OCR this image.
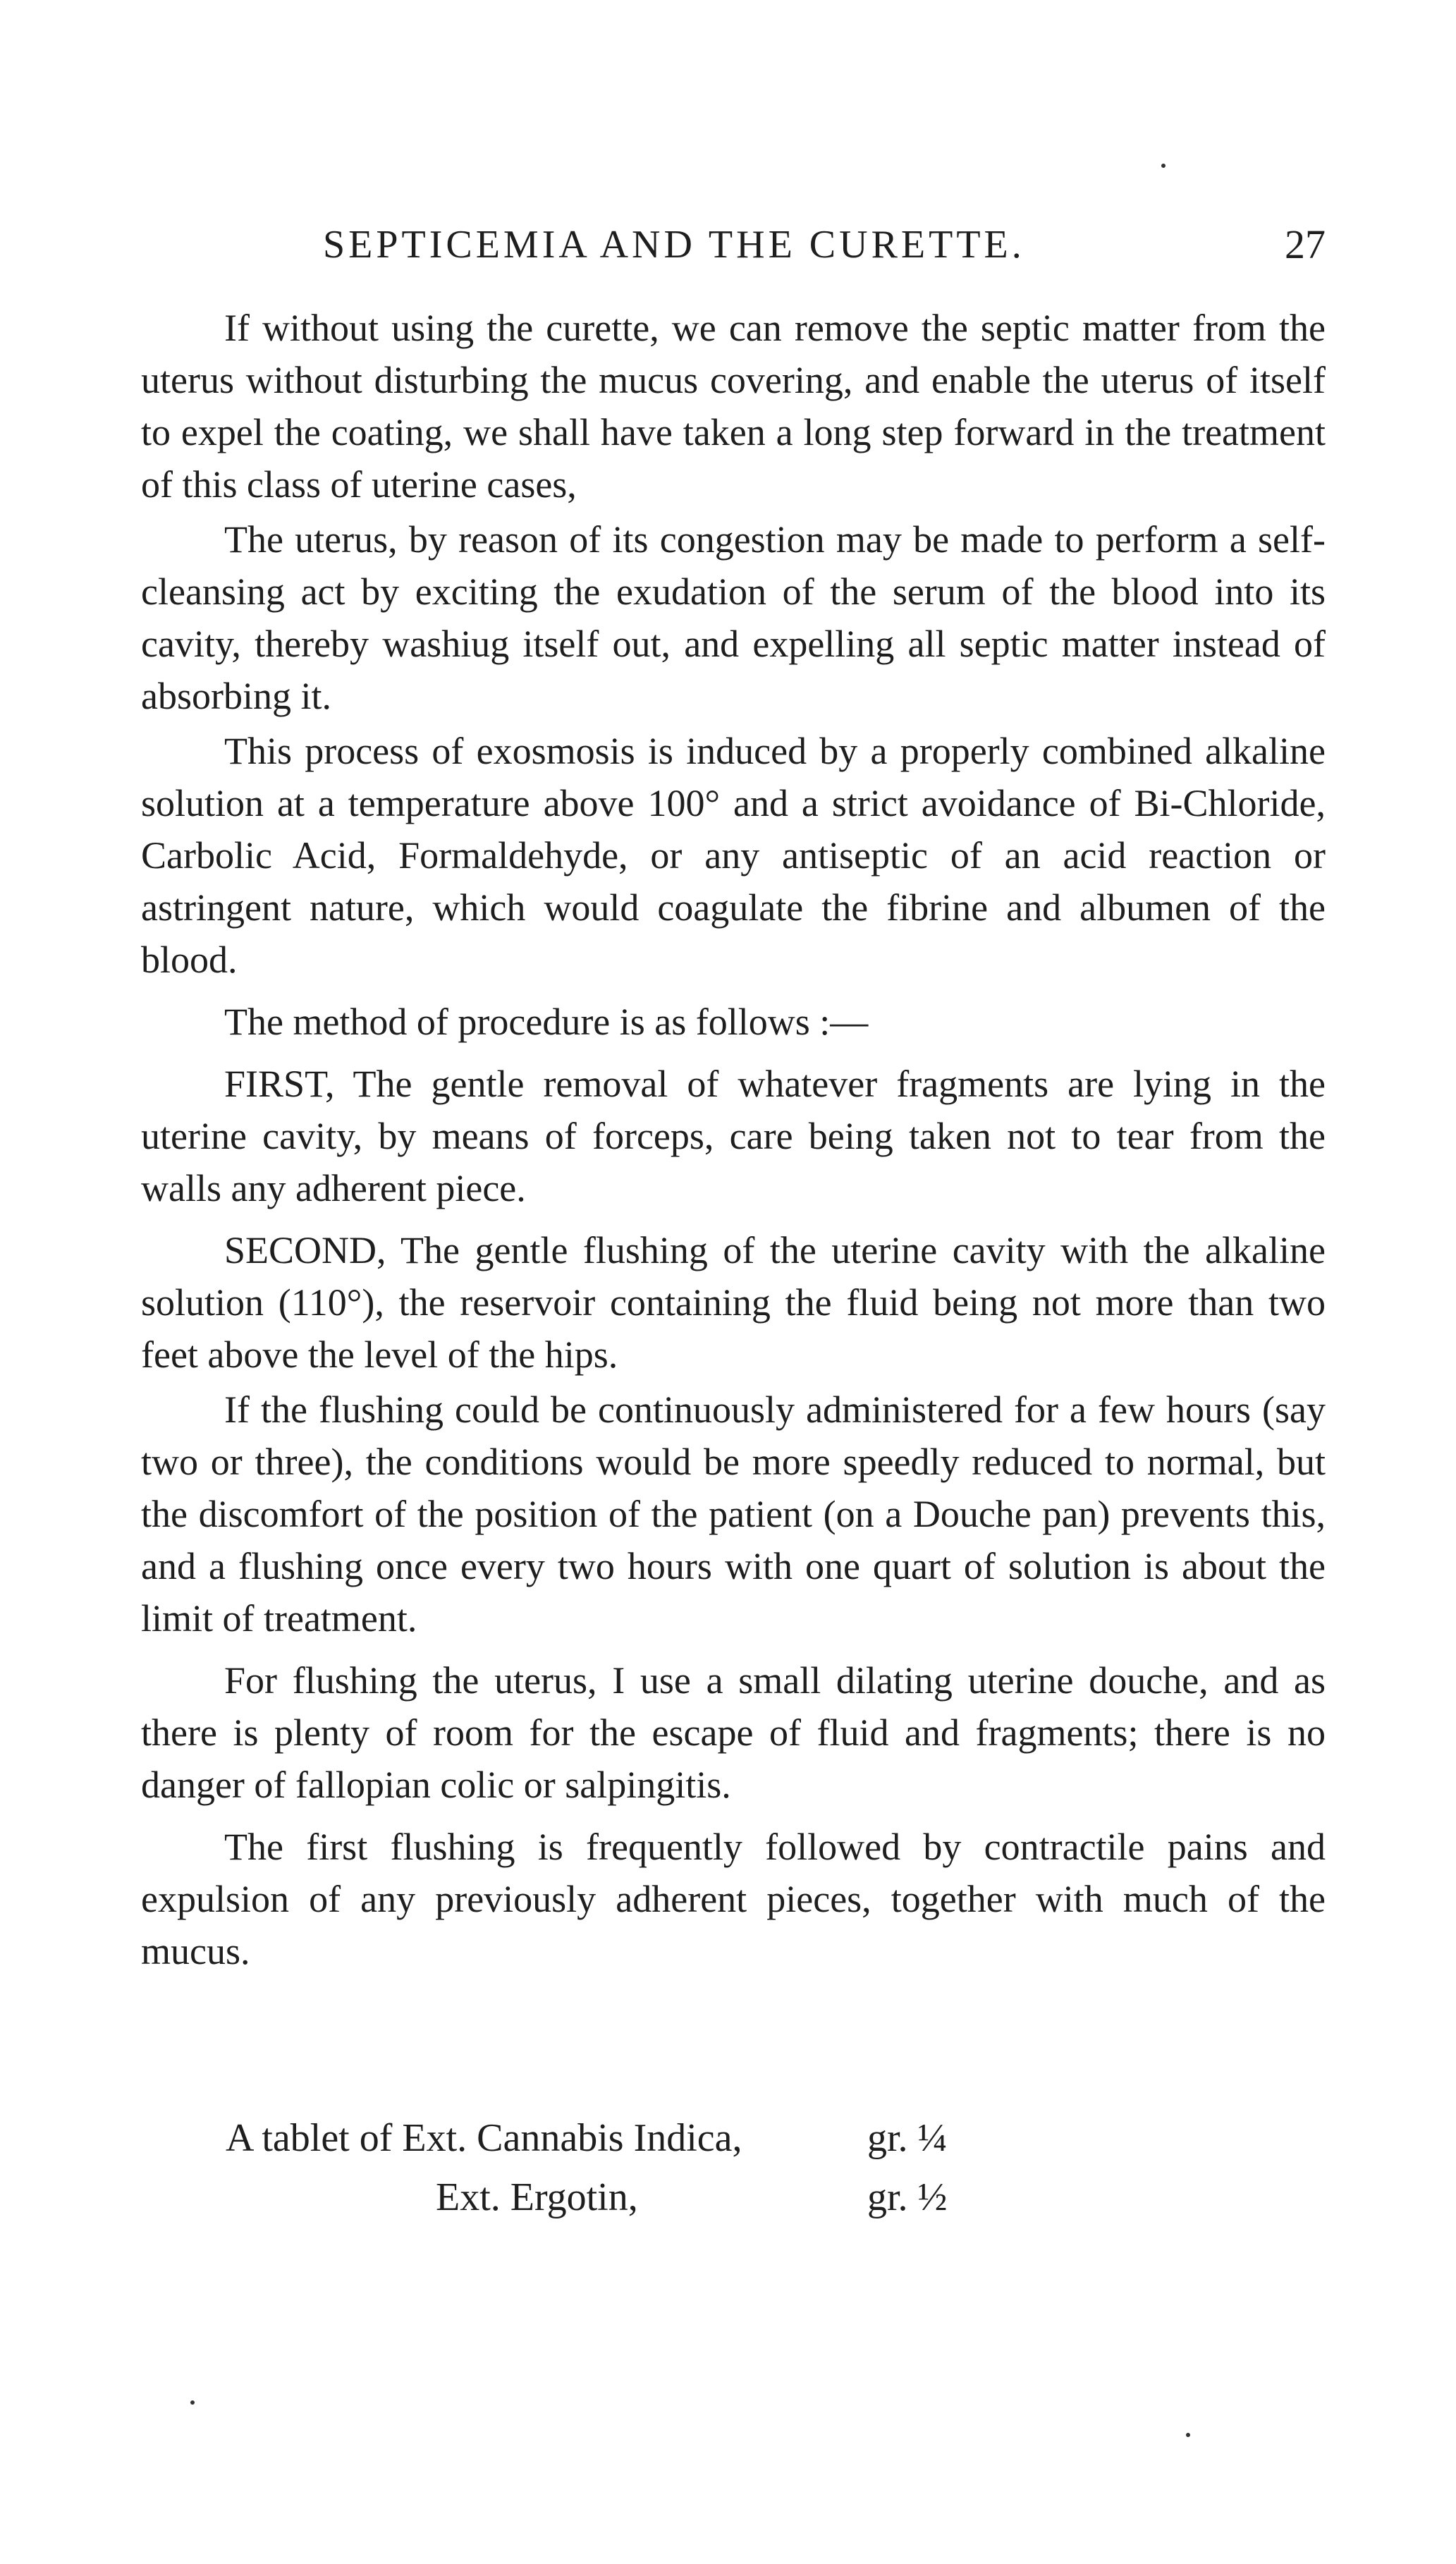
SEPTICEMIA AND THE CURETTE.	27

If without using the curette, we can remove the septic matter from the uterus without disturbing the mucus covering, and enable the uterus of itself to expel the coating, we shall have taken a long step forward in the treatment of this class of uterine cases,

The uterus, by reason of its congestion may be made to perform a self-cleansing act by exciting the exudation of the serum of the blood into its cavity, thereby washiug itself out, and expelling all septic matter instead of absorbing it.

This process of exosmosis is induced by a properly combined alkaline solution at a temperature above 100° and a strict avoidance of Bi-Chloride, Carbolic Acid, Formaldehyde, or any antiseptic of an acid reaction or astringent nature, which would coagulate the fibrine and albumen of the blood.

The method of procedure is as follows :—

FIRST, The gentle removal of whatever fragments are lying in the uterine cavity, by means of forceps, care being taken not to tear from the walls any adherent piece.

SECOND, The gentle flushing of the uterine cavity with the alkaline solution (110°), the reservoir containing the fluid being not more than two feet above the level of the hips.

If the flushing could be continuously administered for a few hours (say two or three), the conditions would be more speedly reduced to normal, but the discomfort of the position of the patient (on a Douche pan) prevents this, and a flushing once every two hours with one quart of solution is about the limit of treatment.

For flushing the uterus, I use a small dilating uterine douche, and as there is plenty of room for the escape of fluid and fragments; there is no danger of fallopian colic or salpingitis.

The first flushing is frequently followed by contractile pains and expulsion of any previously adherent pieces, together with much of the mucus.

A tablet of Ext. Cannabis Indica,	gr. ¼
Ext. Ergotin,	gr. ½
